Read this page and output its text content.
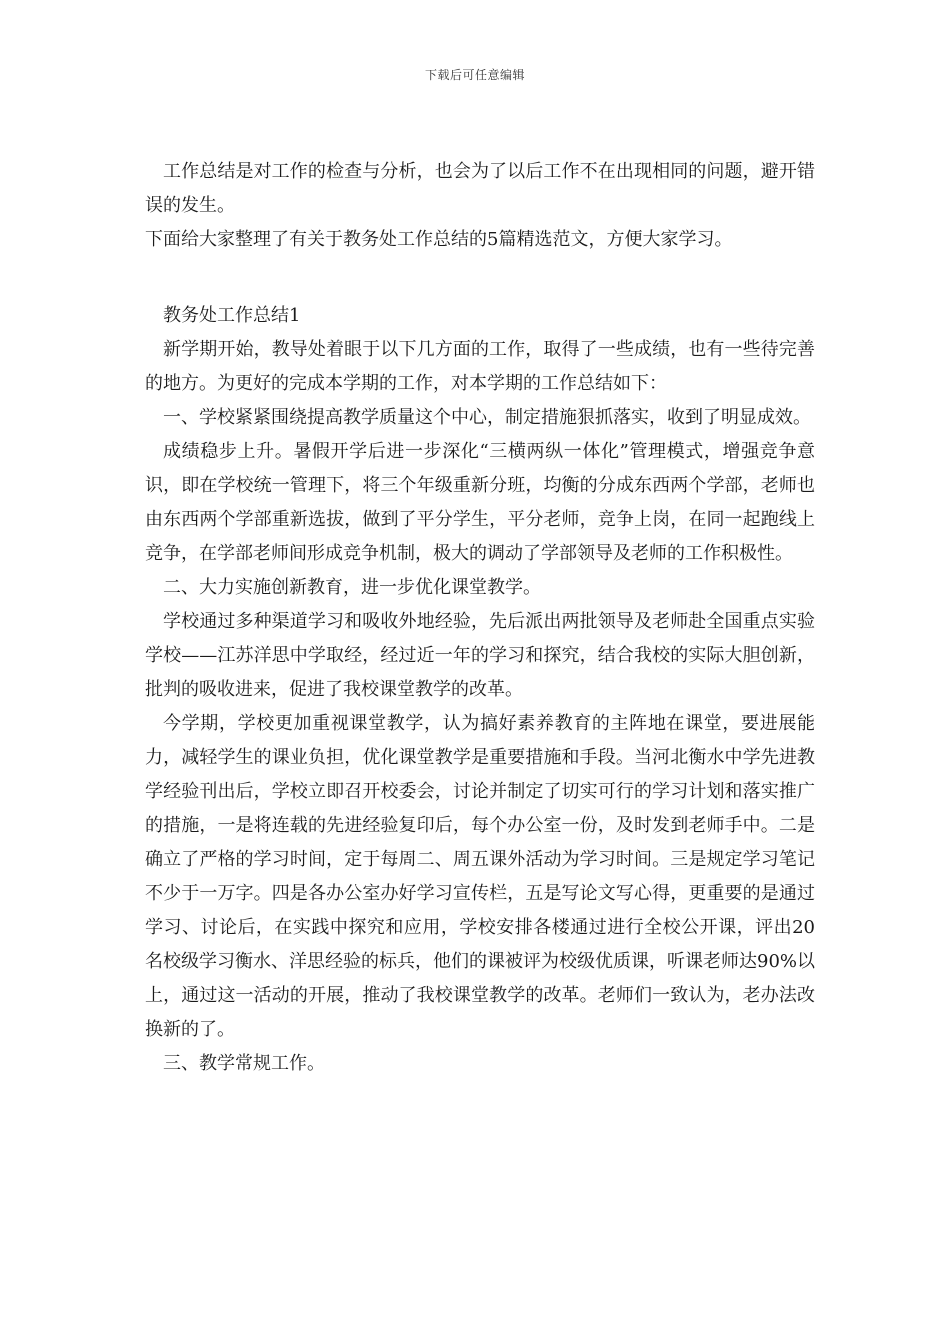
下载后可任意编辑

工作总结是对工作的检查与分析，也会为了以后工作不在出现相同的问题，避开错误的发生。

下面给大家整理了有关于教务处工作总结的5篇精选范文，方便大家学习。

教务处工作总结1

新学期开始，教导处着眼于以下几方面的工作，取得了一些成绩，也有一些待完善的地方。为更好的完成本学期的工作，对本学期的工作总结如下：

一、学校紧紧围绕提高教学质量这个中心，制定措施狠抓落实，收到了明显成效。

成绩稳步上升。暑假开学后进一步深化“三横两纵一体化”管理模式，增强竞争意识，即在学校统一管理下，将三个年级重新分班，均衡的分成东西两个学部，老师也由东西两个学部重新选拔，做到了平分学生，平分老师，竞争上岗，在同一起跑线上竞争，在学部老师间形成竞争机制，极大的调动了学部领导及老师的工作积极性。

二、大力实施创新教育，进一步优化课堂教学。

学校通过多种渠道学习和吸收外地经验，先后派出两批领导及老师赴全国重点实验学校——江苏洋思中学取经，经过近一年的学习和探究，结合我校的实际大胆创新，批判的吸收进来，促进了我校课堂教学的改革。

今学期，学校更加重视课堂教学，认为搞好素养教育的主阵地在课堂，要进展能力，减轻学生的课业负担，优化课堂教学是重要措施和手段。当河北衡水中学先进教学经验刊出后，学校立即召开校委会，讨论并制定了切实可行的学习计划和落实推广的措施，一是将连载的先进经验复印后，每个办公室一份，及时发到老师手中。二是确立了严格的学习时间，定于每周二、周五课外活动为学习时间。三是规定学习笔记不少于一万字。四是各办公室办好学习宣传栏，五是写论文写心得，更重要的是通过学习、讨论后，在实践中探究和应用，学校安排各楼通过进行全校公开课，评出20名校级学习衡水、洋思经验的标兵，他们的课被评为校级优质课，听课老师达90%以上，通过这一活动的开展，推动了我校课堂教学的改革。老师们一致认为，老办法改换新的了。

三、教学常规工作。
